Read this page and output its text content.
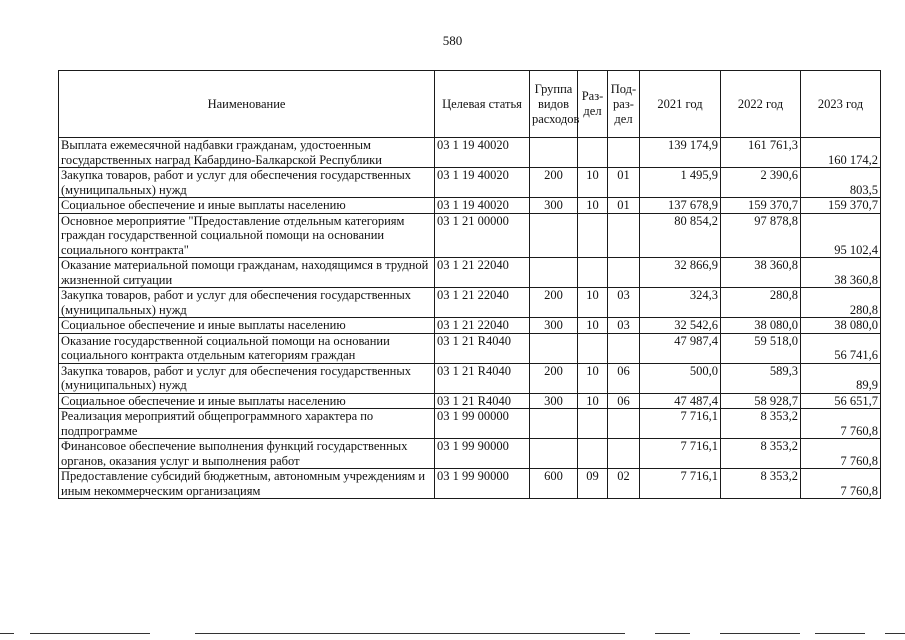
580
Наименование	Целевая статья	Группа видов расходов	Раз-дел	Под-раз-дел	2021 год	2022 год	2023 год
Выплата ежемесячной надбавки гражданам, удостоенным государственных наград Кабардино-Балкарской Республики	03 1 19 40020				139 174,9	161 761,3	160 174,2
Закупка товаров, работ и услуг для обеспечения государственных (муниципальных) нужд	03 1 19 40020	200	10	01	1 495,9	2 390,6	803,5
Социальное обеспечение и иные выплаты населению	03 1 19 40020	300	10	01	137 678,9	159 370,7	159 370,7
Основное мероприятие "Предоставление отдельным категориям граждан государственной социальной помощи на основании социального контракта"	03 1 21 00000				80 854,2	97 878,8	95 102,4
Оказание материальной помощи гражданам, находящимся в трудной жизненной ситуации	03 1 21 22040				32 866,9	38 360,8	38 360,8
Закупка товаров, работ и услуг для обеспечения государственных (муниципальных) нужд	03 1 21 22040	200	10	03	324,3	280,8	280,8
Социальное обеспечение и иные выплаты населению	03 1 21 22040	300	10	03	32 542,6	38 080,0	38 080,0
Оказание государственной социальной помощи на основании социального контракта отдельным категориям граждан	03 1 21 R4040				47 987,4	59 518,0	56 741,6
Закупка товаров, работ и услуг для обеспечения государственных (муниципальных) нужд	03 1 21 R4040	200	10	06	500,0	589,3	89,9
Социальное обеспечение и иные выплаты населению	03 1 21 R4040	300	10	06	47 487,4	58 928,7	56 651,7
Реализация мероприятий общепрограммного характера по подпрограмме	03 1 99 00000				7 716,1	8 353,2	7 760,8
Финансовое обеспечение выполнения функций государственных органов, оказания услуг и выполнения работ	03 1 99 90000				7 716,1	8 353,2	7 760,8
Предоставление субсидий бюджетным, автономным учреждениям и иным некоммерческим организациям	03 1 99 90000	600	09	02	7 716,1	8 353,2	7 760,8
